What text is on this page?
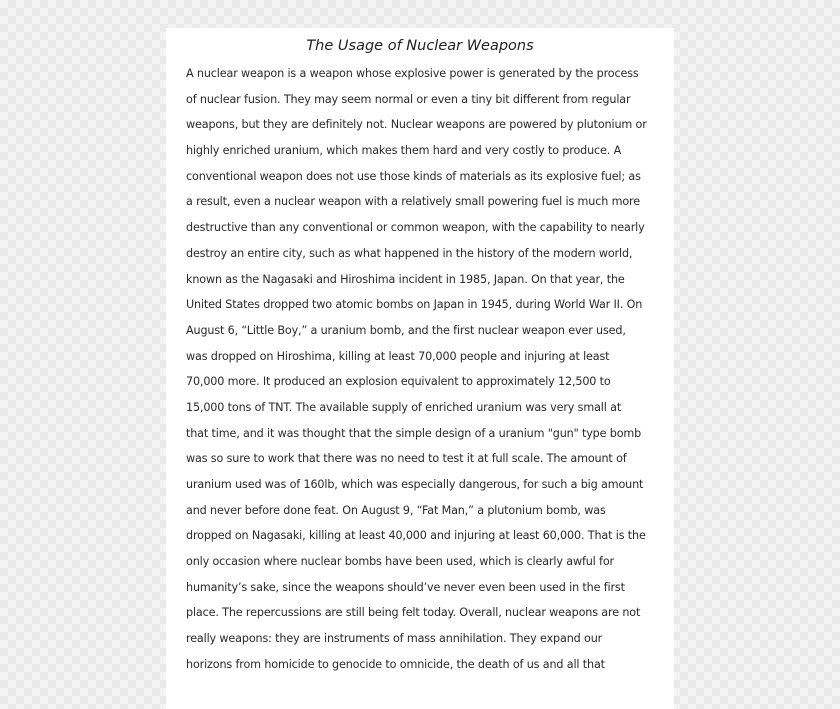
The Usage of Nuclear Weapons
A nuclear weapon is a weapon whose explosive power is generated by the process
of nuclear fusion. They may seem normal or even a tiny bit different from regular
weapons, but they are definitely not. Nuclear weapons are powered by plutonium or
highly enriched uranium, which makes them hard and very costly to produce. A
conventional weapon does not use those kinds of materials as its explosive fuel; as
a result, even a nuclear weapon with a relatively small powering fuel is much more
destructive than any conventional or common weapon, with the capability to nearly
destroy an entire city, such as what happened in the history of the modern world,
known as the Nagasaki and Hiroshima incident in 1985, Japan. On that year, the
United States dropped two atomic bombs on Japan in 1945, during World War II. On
August 6, “Little Boy,” a uranium bomb, and the first nuclear weapon ever used,
was dropped on Hiroshima, killing at least 70,000 people and injuring at least
70,000 more. It produced an explosion equivalent to approximately 12,500 to
15,000 tons of TNT. The available supply of enriched uranium was very small at
that time, and it was thought that the simple design of a uranium "gun" type bomb
was so sure to work that there was no need to test it at full scale. The amount of
uranium used was of 160lb, which was especially dangerous, for such a big amount
and never before done feat. On August 9, “Fat Man,” a plutonium bomb, was
dropped on Nagasaki, killing at least 40,000 and injuring at least 60,000. That is the
only occasion where nuclear bombs have been used, which is clearly awful for
humanity’s sake, since the weapons should’ve never even been used in the first
place. The repercussions are still being felt today. Overall, nuclear weapons are not
really weapons: they are instruments of mass annihilation. They expand our
horizons from homicide to genocide to omnicide, the death of us and all that
